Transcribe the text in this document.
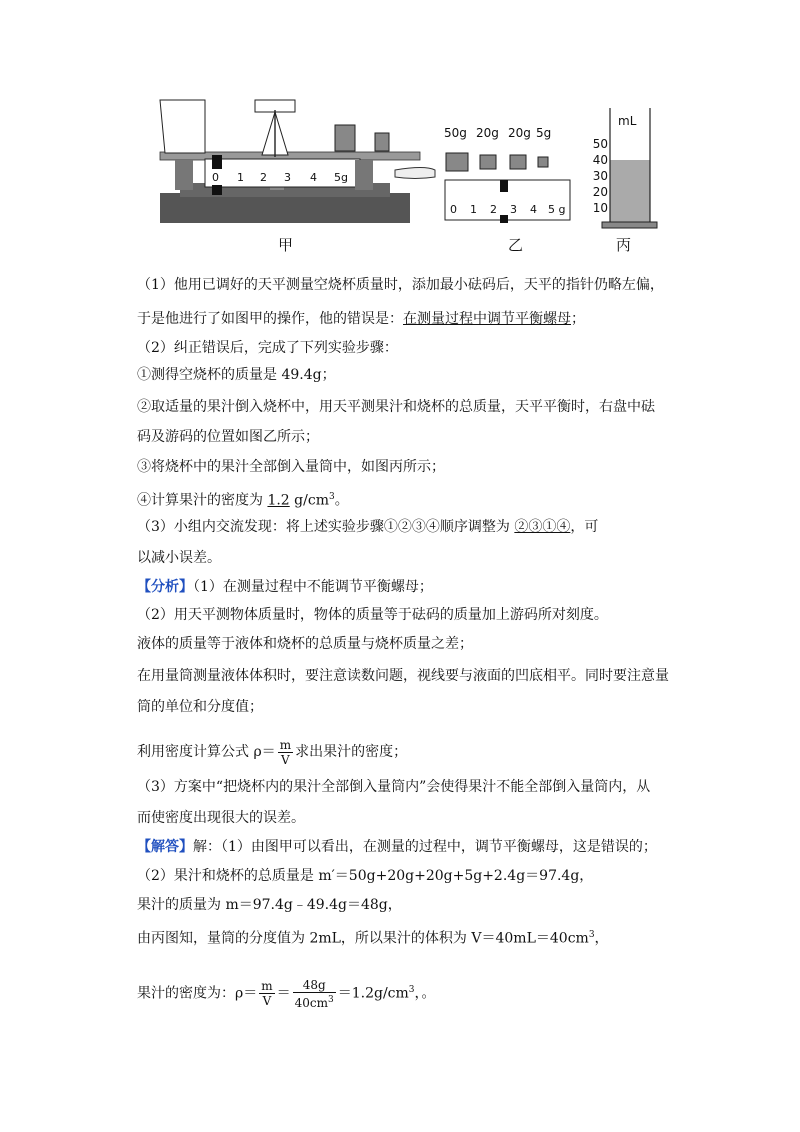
0 1 2 3 4 5g
甲
50g 20g 20g 5g
0 1 2 3 4 5 g
乙
mL
50
40
30
20
10
丙
（1）他用已调好的天平测量空烧杯质量时，添加最小砝码后，天平的指针仍略左偏，
于是他进行了如图甲的操作，他的错误是：在测量过程中调节平衡螺母；
（2）纠正错误后，完成了下列实验步骤：
①测得空烧杯的质量是 49.4g；
②取适量的果汁倒入烧杯中，用天平测果汁和烧杯的总质量，天平平衡时，右盘中砝
码及游码的位置如图乙所示；
③将烧杯中的果汁全部倒入量筒中，如图丙所示；
④计算果汁的密度为 1.2 $g/cm^3$。
（3）小组内交流发现：将上述实验步骤①②③④顺序调整为 ②③①④，可
以减小误差。
【分析】（1）在测量过程中不能调节平衡螺母；
（2）用天平测物体质量时，物体的质量等于砝码的质量加上游码所对刻度。
液体的质量等于液体和烧杯的总质量与烧杯质量之差；
在用量筒测量液体体积时，要注意读数问题，视线要与液面的凹底相平。同时要注意量
筒的单位和分度值；
利用密度计算公式 $\rho= \frac{m}{V}$ 求出果汁的密度；
（3）方案中“把烧杯内的果汁全部倒入量筒内”会使得果汁不能全部倒入量筒内，从
而使密度出现很大的误差。
【解答】解：（1）由图甲可以看出，在测量的过程中，调节平衡螺母，这是错误的；
（2）果汁和烧杯的总质量是 m′＝50g+20g+20g+5g+2.4g＝97.4g，
果汁的质量为 m＝97.4g﹣49.4g＝48g，
由丙图知，量筒的分度值为 2mL，所以果汁的体积为 $V=40mL=40cm^3$，
果汁的密度为：$\rho= \frac{m}{V} = \frac{48g}{40cm^3} =1.2g/cm^3$，。
